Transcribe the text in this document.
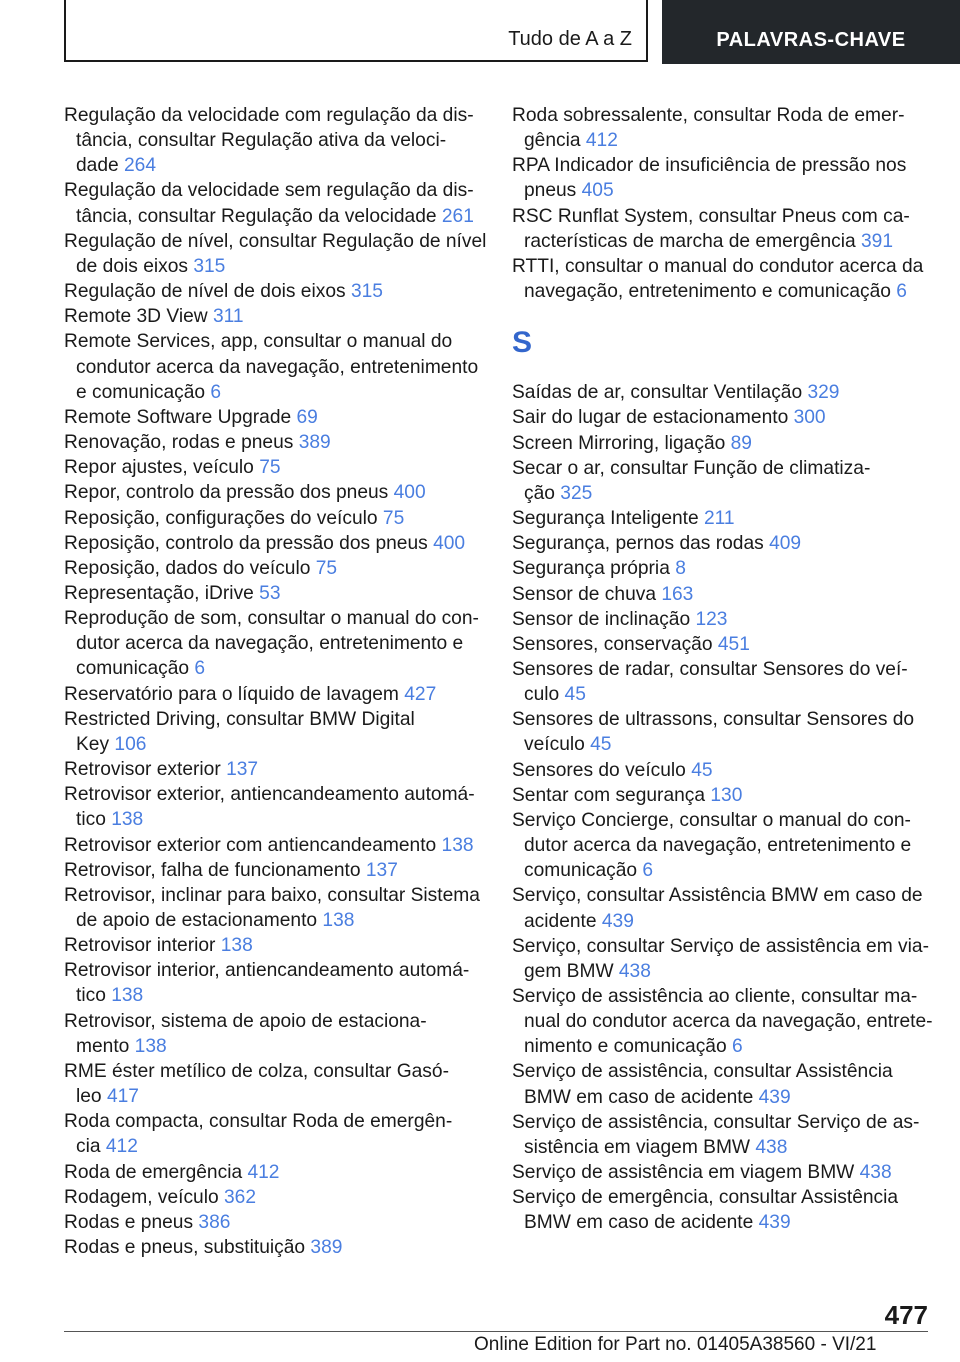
Tudo de A a Z	PALAVRAS-CHAVE
Regulação da velocidade com regulação da dis-
tância, consultar Regulação ativa da veloci-
dade 264
Regulação da velocidade sem regulação da dis-
tância, consultar Regulação da velocidade 261
Regulação de nível, consultar Regulação de nível
de dois eixos 315
Regulação de nível de dois eixos 315
Remote 3D View 311
Remote Services, app, consultar o manual do
condutor acerca da navegação, entretenimento
e comunicação 6
Remote Software Upgrade 69
Renovação, rodas e pneus 389
Repor ajustes, veículo 75
Repor, controlo da pressão dos pneus 400
Reposição, configurações do veículo 75
Reposição, controlo da pressão dos pneus 400
Reposição, dados do veículo 75
Representação, iDrive 53
Reprodução de som, consultar o manual do con-
dutor acerca da navegação, entretenimento e
comunicação 6
Reservatório para o líquido de lavagem 427
Restricted Driving, consultar BMW Digital
Key 106
Retrovisor exterior 137
Retrovisor exterior, antiencandeamento automá-
tico 138
Retrovisor exterior com antiencandeamento 138
Retrovisor, falha de funcionamento 137
Retrovisor, inclinar para baixo, consultar Sistema
de apoio de estacionamento 138
Retrovisor interior 138
Retrovisor interior, antiencandeamento automá-
tico 138
Retrovisor, sistema de apoio de estaciona-
mento 138
RME éster metílico de colza, consultar Gasó-
leo 417
Roda compacta, consultar Roda de emergên-
cia 412
Roda de emergência 412
Rodagem, veículo 362
Rodas e pneus 386
Rodas e pneus, substituição 389
Roda sobressalente, consultar Roda de emer-
gência 412
RPA Indicador de insuficiência de pressão nos
pneus 405
RSC Runflat System, consultar Pneus com ca-
racterísticas de marcha de emergência 391
RTTI, consultar o manual do condutor acerca da
navegação, entretenimento e comunicação 6
S
Saídas de ar, consultar Ventilação 329
Sair do lugar de estacionamento 300
Screen Mirroring, ligação 89
Secar o ar, consultar Função de climatiza-
ção 325
Segurança Inteligente 211
Segurança, pernos das rodas 409
Segurança própria 8
Sensor de chuva 163
Sensor de inclinação 123
Sensores, conservação 451
Sensores de radar, consultar Sensores do veí-
culo 45
Sensores de ultrassons, consultar Sensores do
veículo 45
Sensores do veículo 45
Sentar com segurança 130
Serviço Concierge, consultar o manual do con-
dutor acerca da navegação, entretenimento e
comunicação 6
Serviço, consultar Assistência BMW em caso de
acidente 439
Serviço, consultar Serviço de assistência em via-
gem BMW 438
Serviço de assistência ao cliente, consultar ma-
nual do condutor acerca da navegação, entrete-
nimento e comunicação 6
Serviço de assistência, consultar Assistência
BMW em caso de acidente 439
Serviço de assistência, consultar Serviço de as-
sistência em viagem BMW 438
Serviço de assistência em viagem BMW 438
Serviço de emergência, consultar Assistência
BMW em caso de acidente 439
477
Online Edition for Part no. 01405A38560 - VI/21
